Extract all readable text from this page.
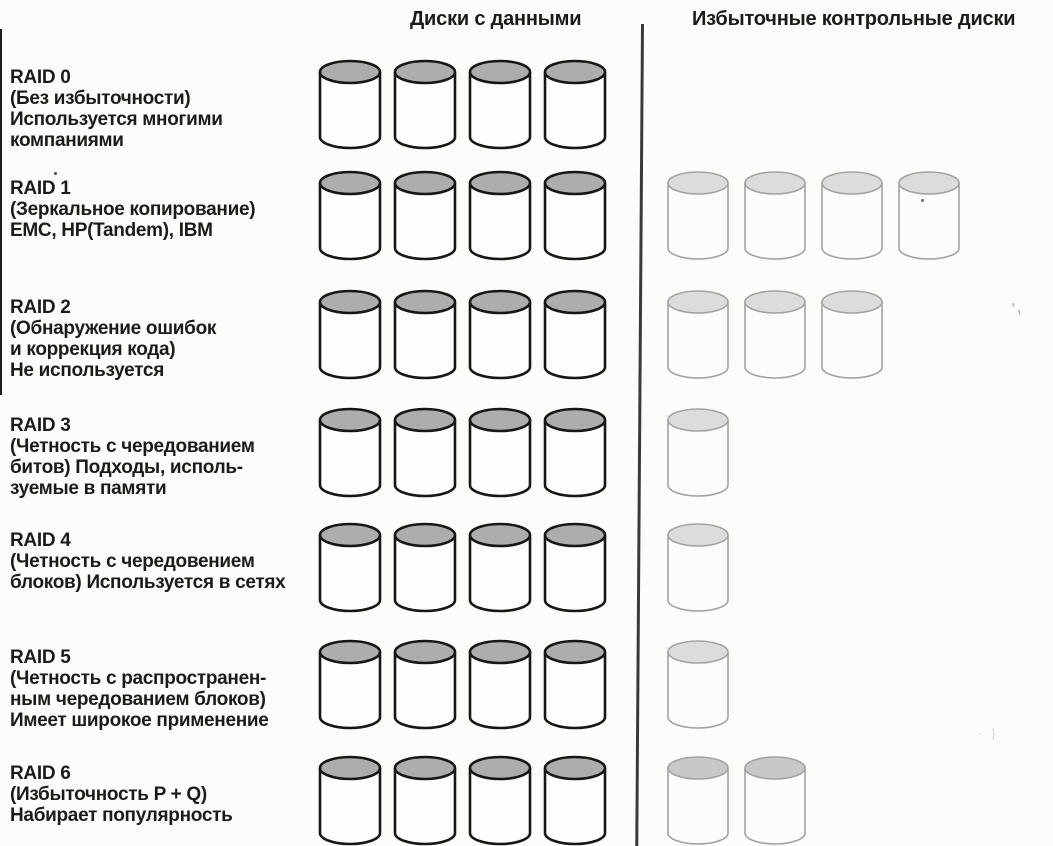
Диски с данными	Избыточные контрольные диски
RAID 0
(Без избыточности)
Используется многими
компаниями
RAID 1
(Зеркальное копирование)
EMC, HP(Tandem), IBM
RAID 2
(Обнаружение ошибок
и коррекция кода)
Не используется
RAID 3
(Четность с чередованием
битов) Подходы, исполь-
зуемые в памяти
RAID 4
(Четность с чередовением
блоков) Используется в сетях
RAID 5
(Четность с распространен-
ным чередованием блоков)
Имеет широкое применение
RAID 6
(Избыточность P + Q)
Набирает популярность
’,
· }
